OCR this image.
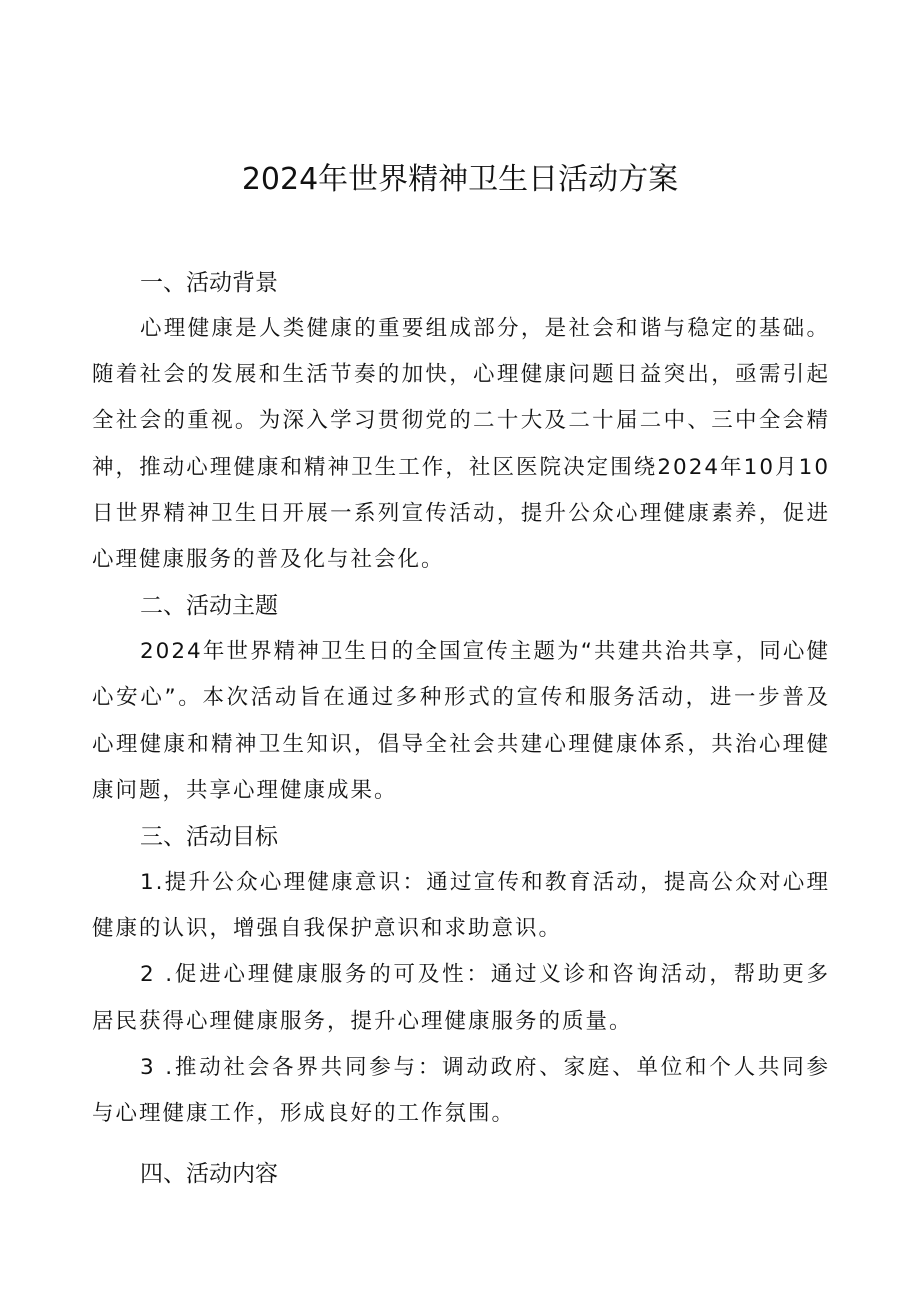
2024年世界精神卫生日活动方案
一、活动背景

心理健康是人类健康的重要组成部分，是社会和谐与稳定的基础。随着社会的发展和生活节奏的加快，心理健康问题日益突出，亟需引起全社会的重视。为深入学习贯彻党的二十大及二十届二中、三中全会精神，推动心理健康和精神卫生工作，社区医院决定围绕2024年10月10日世界精神卫生日开展一系列宣传活动，提升公众心理健康素养，促进心理健康服务的普及化与社会化。

二、活动主题

2024年世界精神卫生日的全国宣传主题为“共建共治共享，同心健心安心”。本次活动旨在通过多种形式的宣传和服务活动，进一步普及心理健康和精神卫生知识，倡导全社会共建心理健康体系，共治心理健康问题，共享心理健康成果。

三、活动目标

1.提升公众心理健康意识：通过宣传和教育活动，提高公众对心理健康的认识，增强自我保护意识和求助意识。

2 .促进心理健康服务的可及性：通过义诊和咨询活动，帮助更多居民获得心理健康服务，提升心理健康服务的质量。

3 .推动社会各界共同参与：调动政府、家庭、单位和个人共同参与心理健康工作，形成良好的工作氛围。

四、活动内容
